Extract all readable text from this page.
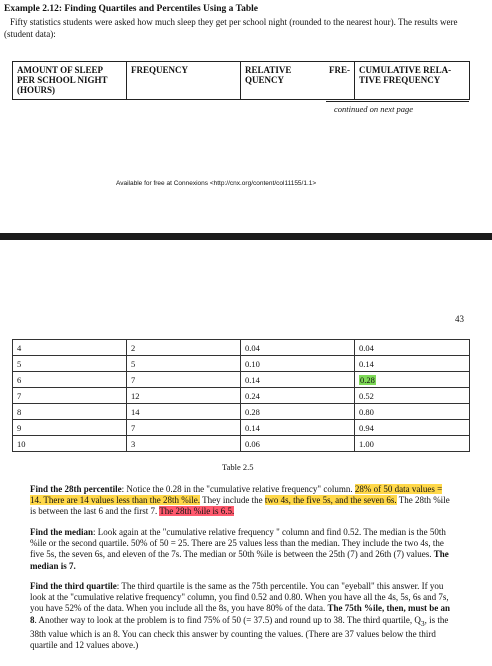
Example 2.12: Finding Quartiles and Percentiles Using a Table
Fifty statistics students were asked how much sleep they get per school night (rounded to the nearest hour). The results were (student data):
AMOUNT OF SLEEP PER SCHOOL NIGHT (HOURS)	FREQUENCY	RELATIVE FRE- QUENCY	CUMULATIVE RELA- TIVE FREQUENCY
continued on next page
Available for free at Connexions <http://cnx.org/content/col11155/1.1>
43
4	2	0.04	0.04
5	5	0.10	0.14
6	7	0.14	0.28
7	12	0.24	0.52
8	14	0.28	0.80
9	7	0.14	0.94
10	3	0.06	1.00
Table 2.5
Find the 28th percentile: Notice the 0.28 in the "cumulative relative frequency" column. 28% of 50 data values = 14. There are 14 values less than the 28th %ile. They include the two 4s, the five 5s, and the seven 6s. The 28th %ile is between the last 6 and the first 7. The 28th %ile is 6.5.
Find the median: Look again at the "cumulative relative frequency " column and find 0.52. The median is the 50th %ile or the second quartile. 50% of 50 = 25. There are 25 values less than the median. They include the two 4s, the five 5s, the seven 6s, and eleven of the 7s. The median or 50th %ile is between the 25th (7) and 26th (7) values. The median is 7.
Find the third quartile: The third quartile is the same as the 75th percentile. You can "eyeball" this answer. If you look at the "cumulative relative frequency" column, you find 0.52 and 0.80. When you have all the 4s, 5s, 6s and 7s, you have 52% of the data. When you include all the 8s, you have 80% of the data. The 75th %ile, then, must be an 8. Another way to look at the problem is to find 75% of 50 (= 37.5) and round up to 38. The third quartile, $Q_3$, is the 38th value which is an 8. You can check this answer by counting the values. (There are 37 values below the third quartile and 12 values above.)
